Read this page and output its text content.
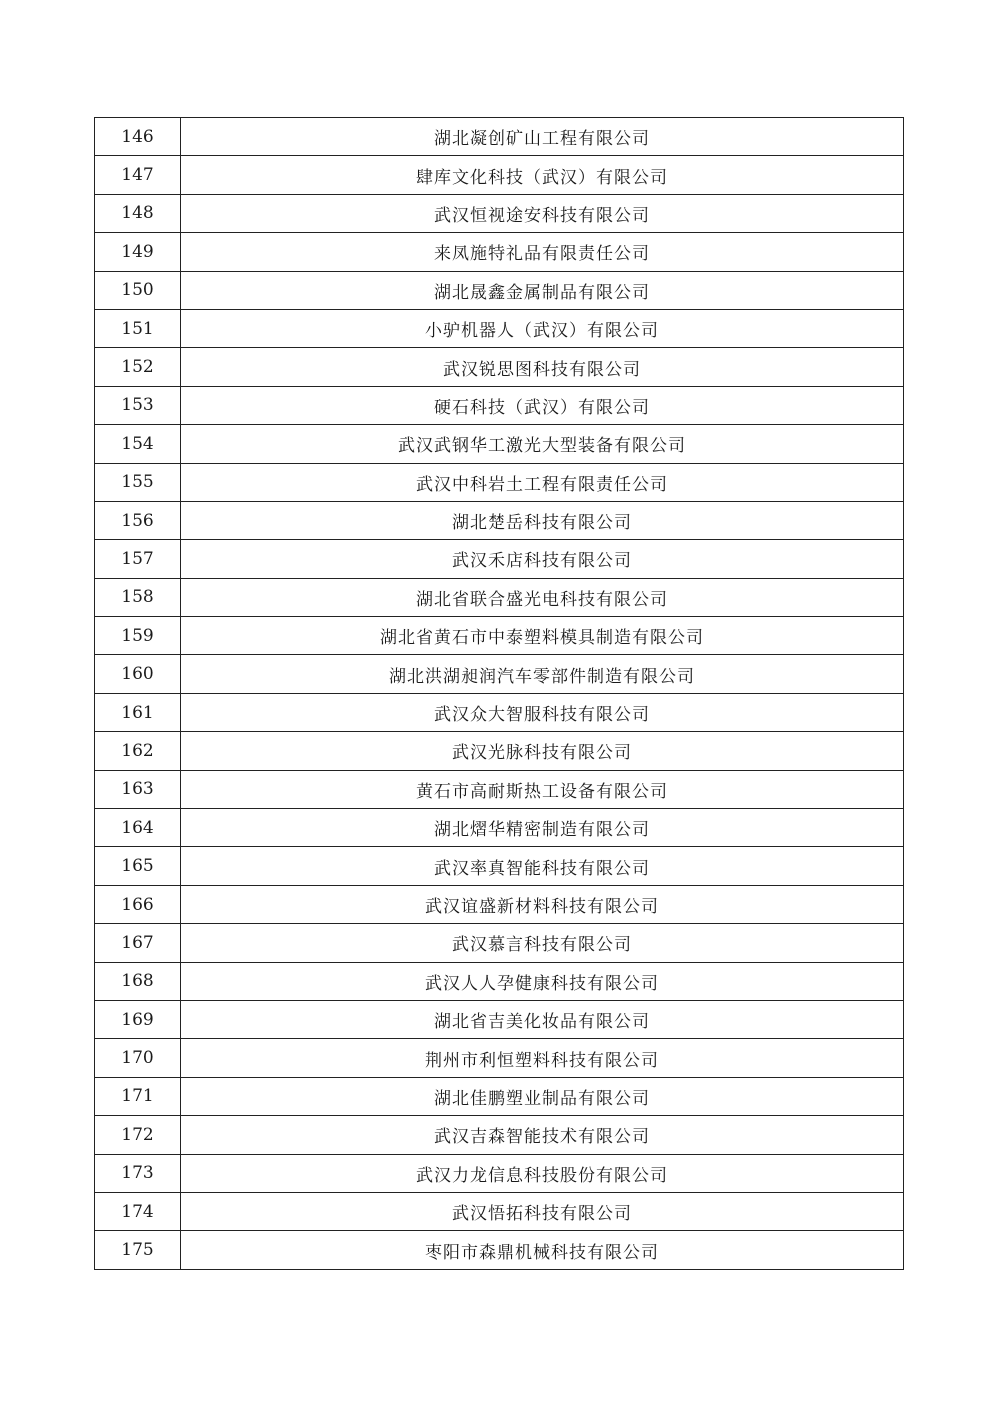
146	湖北凝创矿山工程有限公司
147	肆库文化科技（武汉）有限公司
148	武汉恒视途安科技有限公司
149	来凤施特礼品有限责任公司
150	湖北晟鑫金属制品有限公司
151	小驴机器人（武汉）有限公司
152	武汉锐思图科技有限公司
153	硬石科技（武汉）有限公司
154	武汉武钢华工激光大型装备有限公司
155	武汉中科岩土工程有限责任公司
156	湖北楚岳科技有限公司
157	武汉禾店科技有限公司
158	湖北省联合盛光电科技有限公司
159	湖北省黄石市中泰塑料模具制造有限公司
160	湖北洪湖昶润汽车零部件制造有限公司
161	武汉众大智服科技有限公司
162	武汉光脉科技有限公司
163	黄石市高耐斯热工设备有限公司
164	湖北熠华精密制造有限公司
165	武汉率真智能科技有限公司
166	武汉谊盛新材料科技有限公司
167	武汉慕言科技有限公司
168	武汉人人孕健康科技有限公司
169	湖北省吉美化妆品有限公司
170	荆州市利恒塑料科技有限公司
171	湖北佳鹏塑业制品有限公司
172	武汉吉森智能技术有限公司
173	武汉力龙信息科技股份有限公司
174	武汉悟拓科技有限公司
175	枣阳市森鼎机械科技有限公司
